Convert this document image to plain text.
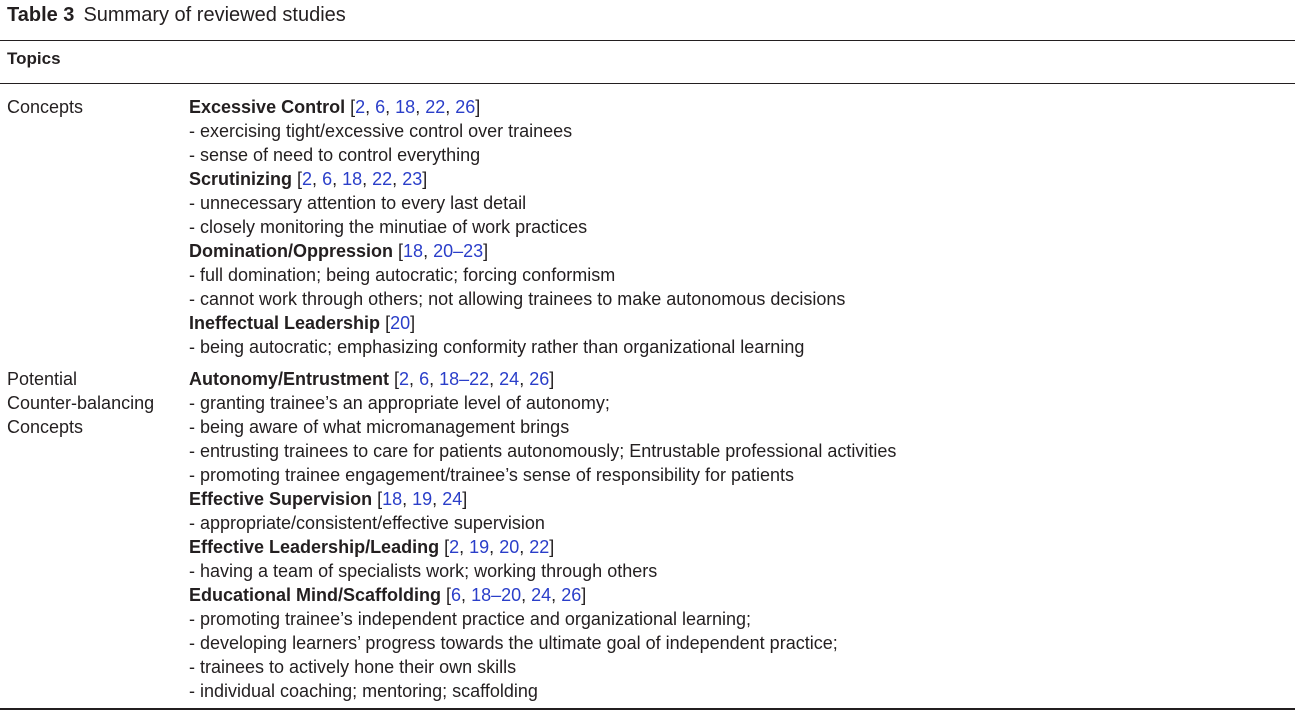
Table 3 Summary of reviewed studies
Topics
Concepts	Excessive Control [2, 6, 18, 22, 26]
- exercising tight/excessive control over trainees
- sense of need to control everything
Scrutinizing [2, 6, 18, 22, 23]
- unnecessary attention to every last detail
- closely monitoring the minutiae of work practices
Domination/Oppression [18, 20–23]
- full domination; being autocratic; forcing conformism
- cannot work through others; not allowing trainees to make autonomous decisions
Ineffectual Leadership [20]
- being autocratic; emphasizing conformity rather than organizational learning
Potential
Counter-balancing
Concepts
Autonomy/Entrustment [2, 6, 18–22, 24, 26]
- granting trainee’s an appropriate level of autonomy;
- being aware of what micromanagement brings
- entrusting trainees to care for patients autonomously; Entrustable professional activities
- promoting trainee engagement/trainee’s sense of responsibility for patients
Effective Supervision [18, 19, 24]
- appropriate/consistent/effective supervision
Effective Leadership/Leading [2, 19, 20, 22]
- having a team of specialists work; working through others
Educational Mind/Scaffolding [6, 18–20, 24, 26]
- promoting trainee’s independent practice and organizational learning;
- developing learners’ progress towards the ultimate goal of independent practice;
- trainees to actively hone their own skills
- individual coaching; mentoring; scaffolding
